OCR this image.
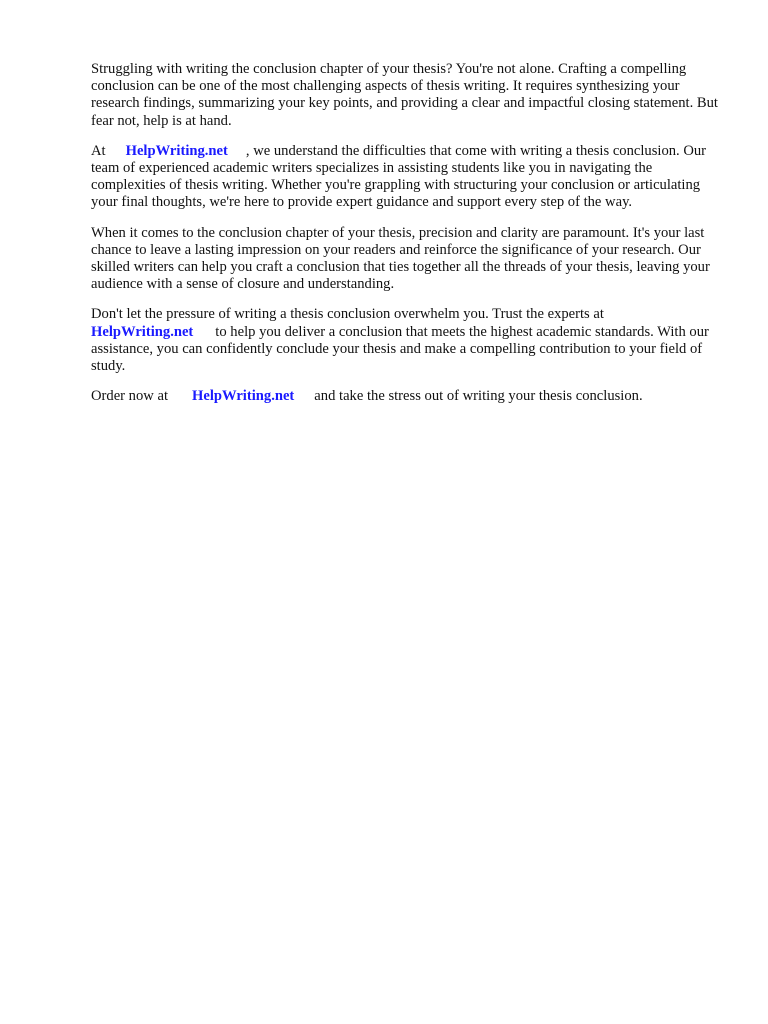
Struggling with writing the conclusion chapter of your thesis? You're not alone. Crafting a compelling conclusion can be one of the most challenging aspects of thesis writing. It requires synthesizing your research findings, summarizing your key points, and providing a clear and impactful closing statement. But fear not, help is at hand.

At HelpWriting.net , we understand the difficulties that come with writing a thesis conclusion. Our team of experienced academic writers specializes in assisting students like you in navigating the complexities of thesis writing. Whether you're grappling with structuring your conclusion or articulating your final thoughts, we're here to provide expert guidance and support every step of the way.

When it comes to the conclusion chapter of your thesis, precision and clarity are paramount. It's your last chance to leave a lasting impression on your readers and reinforce the significance of your research. Our skilled writers can help you craft a conclusion that ties together all the threads of your thesis, leaving your audience with a sense of closure and understanding.

Don't let the pressure of writing a thesis conclusion overwhelm you. Trust the experts at
HelpWriting.net to help you deliver a conclusion that meets the highest academic standards. With our assistance, you can confidently conclude your thesis and make a compelling contribution to your field of study.

Order now at HelpWriting.net and take the stress out of writing your thesis conclusion.
